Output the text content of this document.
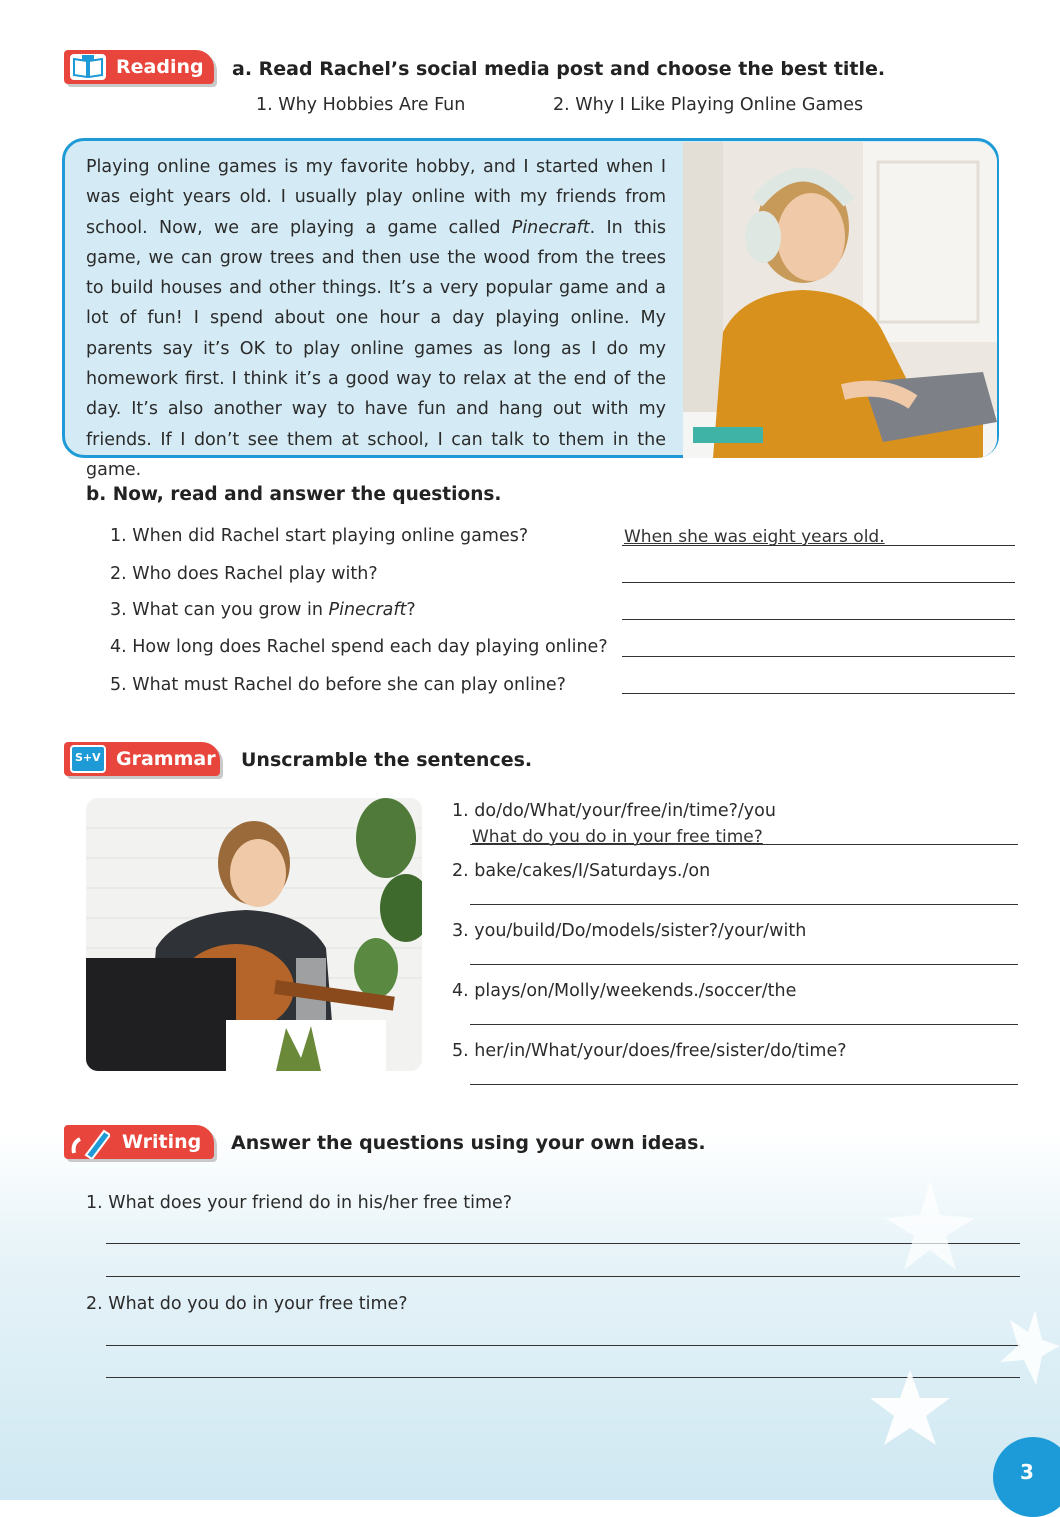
Reading a. Read Rachel’s social media post and choose the best title.
1. Why Hobbies Are Fun	2. Why I Like Playing Online Games
Playing online games is my favorite hobby, and I started when I was eight years old. I usually play online with my friends from school. Now, we are playing a game called Pinecraft. In this game, we can grow trees and then use the wood from the trees to build houses and other things. It’s a very popular game and a lot of fun! I spend about one hour a day playing online. My parents say it’s OK to play online games as long as I do my homework first. I think it’s a good way to relax at the end of the day. It’s also another way to have fun and hang out with my friends. If I don’t see them at school, I can talk to them in the game.
b. Now, read and answer the questions.
1. When did Rachel start playing online games?	When she was eight years old.
2. Who does Rachel play with?
3. What can you grow in Pinecraft?
4. How long does Rachel spend each day playing online?
5. What must Rachel do before she can play online?
S+V Grammar Unscramble the sentences.
1. do/do/What/your/free/in/time?/you
What do you do in your free time?
2. bake/cakes/I/Saturdays./on
3. you/build/Do/models/sister?/your/with
4. plays/on/Molly/weekends./soccer/the
5. her/in/What/your/does/free/sister/do/time?
Writing Answer the questions using your own ideas.
1. What does your friend do in his/her free time?
2. What do you do in your free time?
3
